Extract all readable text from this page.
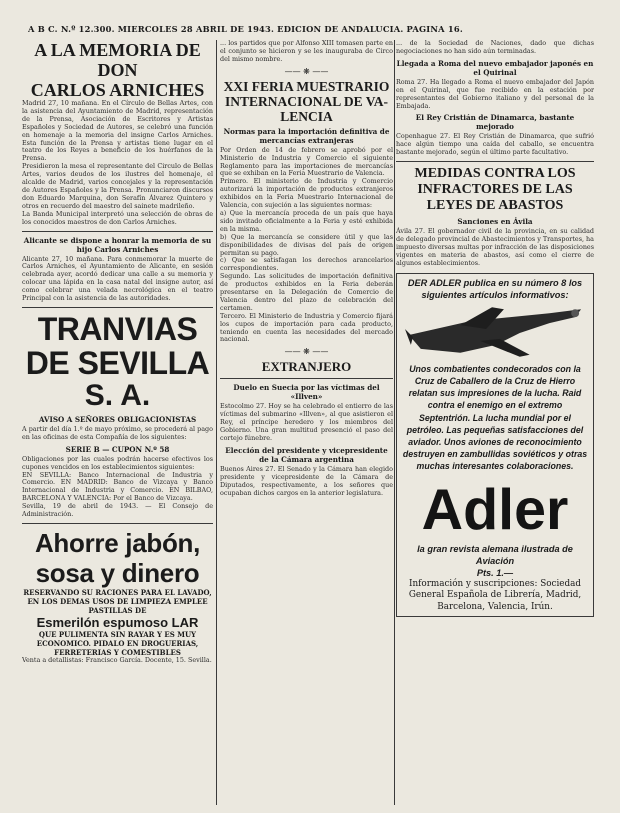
A B C. N.º 12.300. MIERCOLES 28 ABRIL DE 1943. EDICION DE ANDALUCIA. PAGINA 16.
A LA MEMORIA DE DON
CARLOS ARNICHES

Madrid 27, 10 mañana. En el Círculo de Bellas Artes, con la asistencia del Ayuntamiento de Madrid, representación de la Prensa, Asociación de Escritores y Artistas Españoles y Sociedad de Autores, se celebró una función en homenaje a la memoria del insigne Carlos Arniches. Esta función de la Prensa y artistas tiene lugar en el teatro de los Reyes a beneficio de los huérfanos de la Prensa.

Presidieron la mesa el representante del Circulo de Bellas Artes, varios deudos de los ilustres del homenaje, el alcalde de Madrid, varios concejales y la representación de Autores Españoles y la Prensa. Pronunciaron discursos don Eduardo Marquina, don Serafín Álvarez Quintero y otros en recuerdo del maestro del sainete madrileño.

La Banda Municipal interpretó una selección de obras de los conocidos maestros de don Carlos Arniches.

Alicante se dispone a honrar la memoria de su hijo Carlos Arniches

Alicante 27, 10 mañana. Para conmemorar la muerte de Carlos Arniches, el Ayuntamiento de Alicante, en sesión celebrada ayer, acordó dedicar una calle a su memoria y colocar una lápida en la casa natal del insigne autor, así como celebrar una velada necrológica en el teatro Principal con la asistencia de las autoridades.

TRANVIAS DE SEVILLA
S. A.
AVISO A SEÑORES OBLIGACIONISTAS

A partir del día 1.º de mayo próximo, se procederá al pago en las oficinas de esta Compañía de los siguientes:

SERIE B — CUPON N.º 58

Obligaciones por las cuales podrán hacerse efectivos los cupones vencidos en los establecimientos siguientes:

EN SEVILLA: Banco Internacional de Industria y Comercio. EN MADRID: Banco de Vizcaya y Banco Internacional de Industria y Comercio. EN BILBAO, BARCELONA Y VALENCIA: Por el Banco de Vizcaya.

Sevilla, 19 de abril de 1943. — El Consejo de Administración.

Ahorre jabón,
sosa y dinero
RESERVANDO SU RACIONES PARA EL LAVADO, EN LOS DEMAS USOS DE LIMPIEZA EMPLEE PASTILLAS DE
Esmerilón espumoso LAR
QUE PULIMENTA SIN RAYAR Y ES MUY ECONOMICO. PIDALO EN DROGUERIAS, FERRETERIAS Y COMESTIBLES

Venta a detallistas: Francisco García. Docente, 15. Sevilla.

... los partidos que por Alfonso XIII tomasen parte en el conjunto se hicieron y se les inauguraba de Circo del mismo nombre.

—— ❋ ——
XXI FERIA MUESTRARIO
INTERNACIONAL DE VA-
LENCIA
Normas para la importación definitiva de mercancías extranjeras

Por Orden de 14 de febrero se aprobó por el Ministerio de Industria y Comercio el siguiente Reglamento para las importaciones de mercancías que se exhiban en la Feria Muestrario de Valencia.

Primero. El ministerio de Industria y Comercio autorizará la importación de productos extranjeros exhibidos en la Feria Muestrario Internacional de Valencia, con sujeción a las siguientes normas:

a) Que la mercancía proceda de un país que haya sido invitado oficialmente a la Feria y esté exhibida en la misma.

b) Que la mercancía se considere útil y que las disponibilidades de divisas del país de origen permitan su pago.

c) Que se satisfagan los derechos arancelarios correspondientes.

Segundo. Las solicitudes de importación definitiva de productos exhibidos en la Feria deberán presentarse en la Delegación de Comercio de Valencia dentro del plazo de celebración del certamen.

Tercero. El Ministerio de Industria y Comercio fijará los cupos de importación para cada producto, teniendo en cuenta las necesidades del mercado nacional.

—— ❋ ——
EXTRANJERO
Duelo en Suecia por las víctimas del «Illven»

Estocolmo 27. Hoy se ha celebrado el entierro de las víctimas del submarino «Illven», al que asistieron el Rey, el príncipe heredero y los miembros del Gobierno. Una gran multitud presenció el paso del cortejo fúnebre.

Elección del presidente y vicepresidente de la Cámara argentina

Buenos Aires 27. El Senado y la Cámara han elegido presidente y vicepresidente de la Cámara de Diputados, respectivamente, a los señores que ocupaban dichos cargos en la anterior legislatura.

... de la Sociedad de Naciones, dado que dichas negociaciones no han sido aún terminadas.

Llegada a Roma del nuevo embajador japonés en el Quirinal

Roma 27. Ha llegado a Roma el nuevo embajador del Japón en el Quirinal, que fue recibido en la estación por representantes del Gobierno italiano y del personal de la Embajada.

El Rey Cristián de Dinamarca, bastante mejorado

Copenhague 27. El Rey Cristián de Dinamarca, que sufrió hace algún tiempo una caída del caballo, se encuentra bastante mejorado, según el último parte facultativo.

MEDIDAS CONTRA LOS
INFRACTORES DE LAS
LEYES DE ABASTOS
Sanciones en Ávila

Ávila 27. El gobernador civil de la provincia, en su calidad de delegado provincial de Abastecimientos y Transportes, ha impuesto diversas multas por infracción de las disposiciones vigentes en materia de abastos, así como el cierre de algunos establecimientos.

DER ADLER publica en su número 8 los siguientes artículos informativos:
Unos combatientes condecorados con la Cruz de Caballero de la Cruz de Hierro relatan sus impresiones de la lucha. Raid contra el enemigo en el extremo Septentrión. La lucha mundial por el petróleo. Las pequeñas satisfacciones del aviador. Unos aviones de reconocimiento destruyen en zambullidas soviéticos y otras muchas interesantes colaboraciones.
Adler
la gran revista alemana ilustrada de Aviación
Pts. 1.—
Información y suscripciones: Sociedad General Española de Librería, Madrid, Barcelona, Valencia, Irún.
